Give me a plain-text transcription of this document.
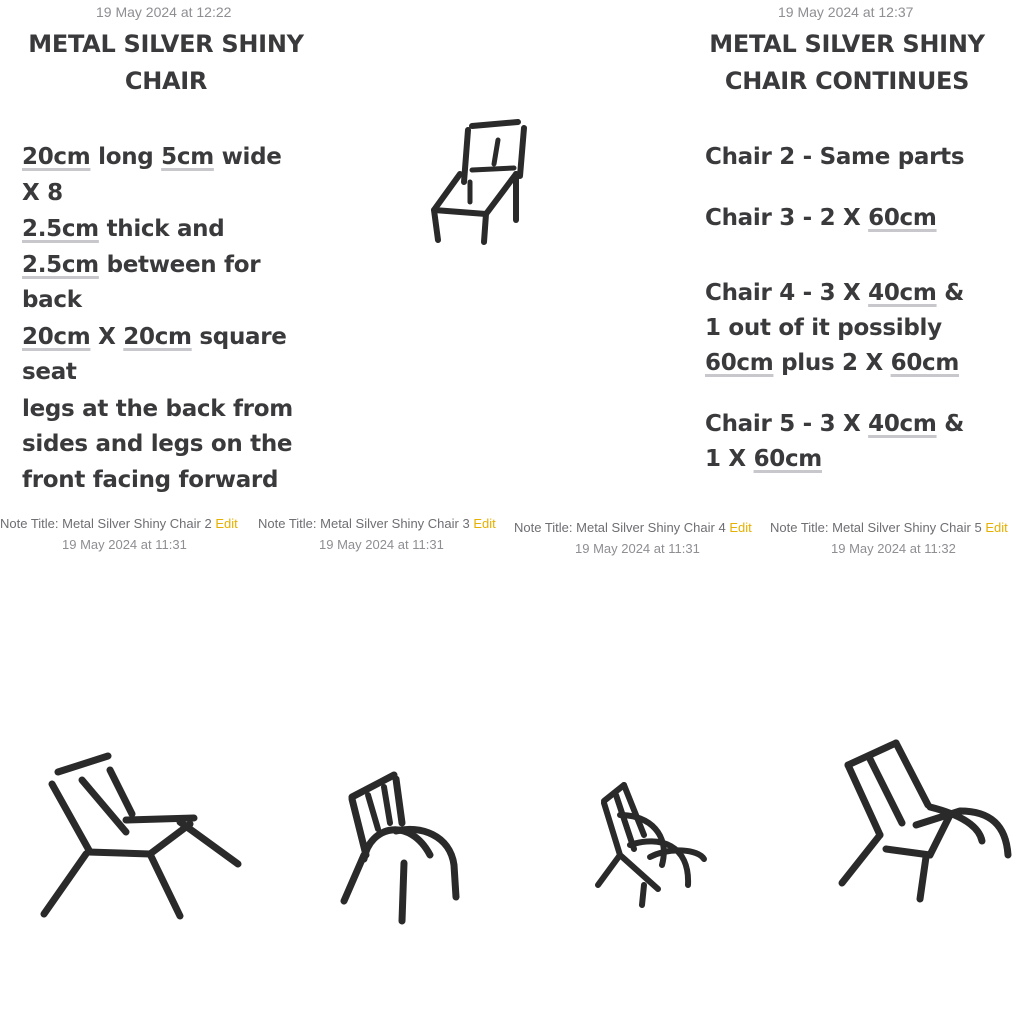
19 May 2024 at 12:22
METAL SILVER SHINY
CHAIR
20cm long 5cm wide
X 8
2.5cm thick and
2.5cm between for
back
20cm X 20cm square
seat
legs at the back from
sides and legs on the
front facing forward
19 May 2024 at 12:37
METAL SILVER SHINY
CHAIR CONTINUES
Chair 2 - Same parts
Chair 3 - 2 X 60cm
Chair 4 - 3 X 40cm &
1 out of it possibly
60cm plus 2 X 60cm
Chair 5 - 3 X 40cm &
1 X 60cm
Note Title: Metal Silver Shiny Chair 2 Edit
19 May 2024 at 11:31
Note Title: Metal Silver Shiny Chair 3 Edit
19 May 2024 at 11:31
Note Title: Metal Silver Shiny Chair 4 Edit
19 May 2024 at 11:31
Note Title: Metal Silver Shiny Chair 5 Edit
19 May 2024 at 11:32
